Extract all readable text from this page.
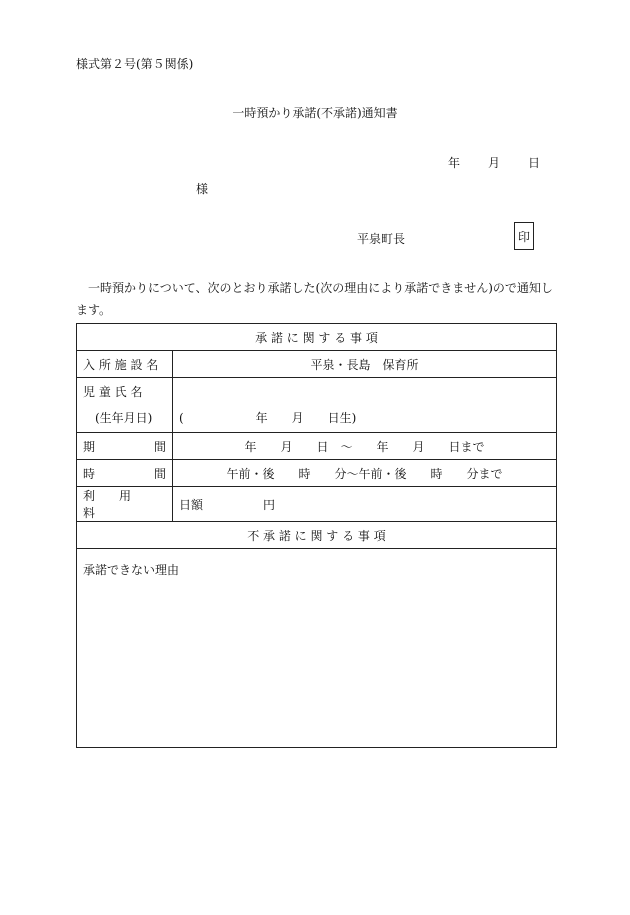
様式第２号(第５関係)
一時預かり承諾(不承諾)通知書
年 月 日
様
平泉町長	印
一時預かりについて、次のとおり承諾した(次の理由により承諾できません)ので通知します。
承 諾 に 関 す る 事 項	
入 所 施 設 名	平泉・長島　保育所

児 童 氏 名
(生年月日)	(　　　　　　年　　月　　日生)

期 間	年　　月　　日　～　　年　　月　　日まで

時 間	午前・後　　時　　分～午前・後　　時　　分まで
利　　用　　料	日額　　　　　円
不 承 諾 に 関 す る 事 項	
承諾できない理由	
